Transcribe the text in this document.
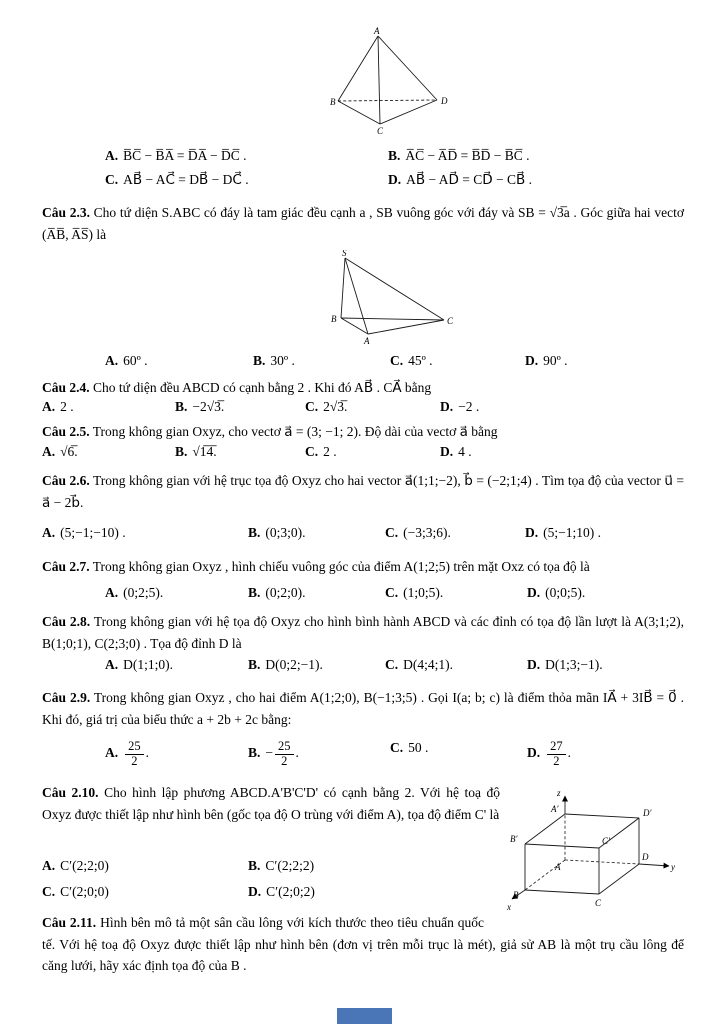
A
B	D
C
A. B̅C̅ − B̅A̅ = D̅A̅ − D̅C̅ .	B. A̅C̅ − A̅D̅ = B̅D̅ − B̅C̅ .
C. AB⃗ − AC⃗ = DB⃗ − DC⃗ .	D. AB⃗ − AD⃗ = CD⃗ − CB⃗ .
Câu 2.3. Cho tứ diện S.ABC có đáy là tam giác đều cạnh a , SB vuông góc với đáy và SB = √3̅a . Góc giữa hai vectơ (A̅B̅, A̅S̅) là
S
B	C
A
A. 60º .	B. 30º .	C. 45º .	D. 90º .
Câu 2.4. Cho tứ diện đều ABCD có cạnh bằng 2 . Khi đó AB⃗ . CA⃗ bằng
A. 2 .	B. −2√3̅.	C. 2√3̅.	D. −2 .
Câu 2.5. Trong không gian Oxyz, cho vectơ a⃗ = (3; −1; 2). Độ dài của vectơ a⃗ bằng
A. √6̅.	B. √1̅4̅.	C. 2 .	D. 4 .
Câu 2.6. Trong không gian với hệ trục tọa độ Oxyz cho hai vector a⃗(1;1;−2), b⃗ = (−2;1;4) . Tìm tọa độ của vector u⃗ = a⃗ − 2b⃗.
A. (5;−1;−10) .	B. (0;3;0).	C. (−3;3;6).	D. (5;−1;10) .
Câu 2.7. Trong không gian Oxyz , hình chiếu vuông góc của điểm A(1;2;5) trên mặt Oxz có tọa độ là
A. (0;2;5).	B. (0;2;0).	C. (1;0;5).	D. (0;0;5).
Câu 2.8. Trong không gian với hệ tọa độ Oxyz cho hình bình hành ABCD và các đỉnh có tọa độ lần lượt là A(3;1;2), B(1;0;1), C(2;3;0) . Tọa độ đỉnh D là
A. D(1;1;0).	B. D(0;2;−1).	C. D(4;4;1).	D. D(1;3;−1).
Câu 2.9. Trong không gian Oxyz , cho hai điểm A(1;2;0), B(−1;3;5) . Gọi I(a; b; c) là điểm thỏa mãn IA⃗ + 3IB⃗ = 0⃗ . Khi đó, giá trị của biểu thức a + 2b + 2c bằng:
A. $\frac{25}{2}$ .	B. − $\frac{25}{2}$ .	C. 50 .	D. $\frac{27}{2}$ .
Câu 2.10. Cho hình lập phương ABCD.A'B'C'D' có cạnh bằng 2. Với hệ toạ độ Oxyz được thiết lập như hình bên (gốc tọa độ O trùng với điểm A), tọa độ điểm C' là	A′	D′
B′	C′
A
B
C
D
z
y
x
A. C′(2;2;0)	B. C′(2;2;2)
C. C′(2;0;0)	D. C′(2;0;2)
Câu 2.11. Hình bên mô tả một sân cầu lông với kích thước theo tiêu chuẩn quốc tế. Với hệ toạ độ Oxyz được thiết lập như hình bên (đơn vị trên mỗi trục là mét), giả sử AB là một trụ cầu lông để căng lưới, hãy xác định tọa độ của B .
